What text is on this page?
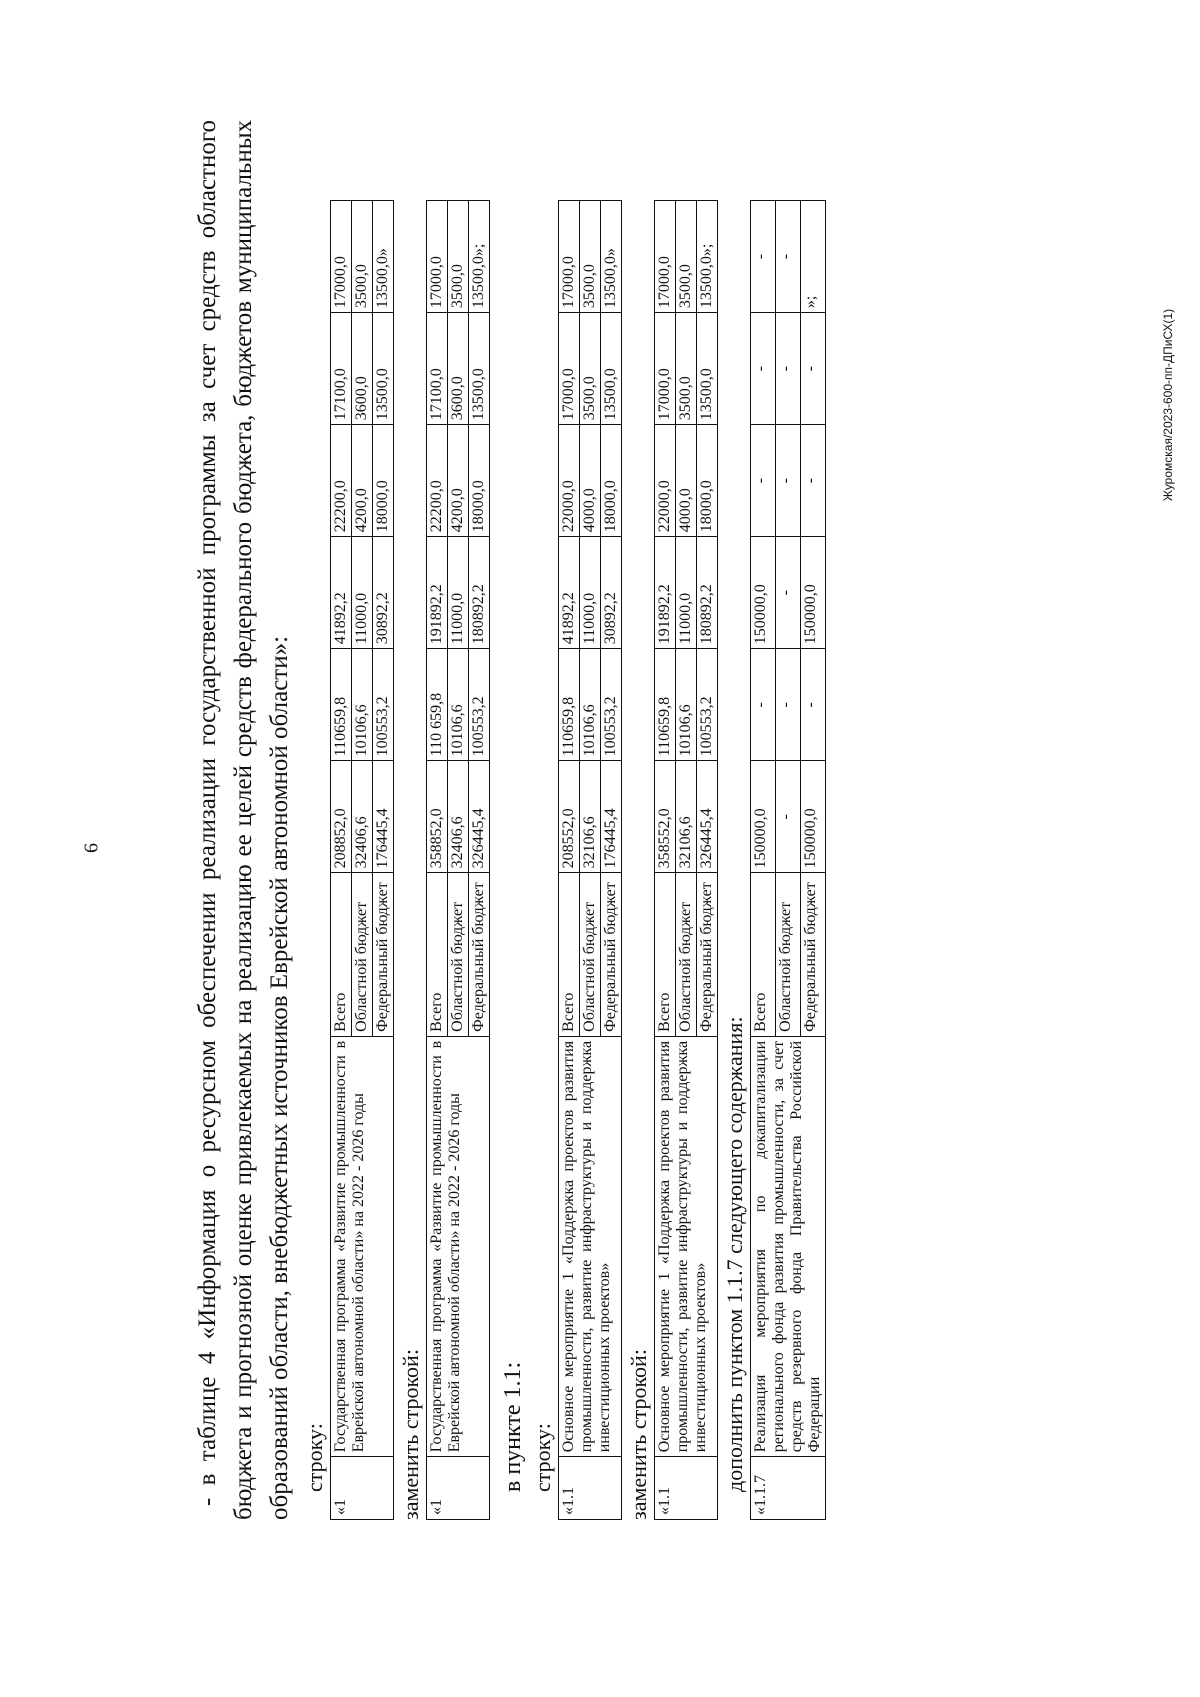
6
Журомская/2023-600-пп-ДПиСХ(1)

- в таблице 4 «Информация о ресурсном обеспечении реализации государственной программы за счет средств областного бюджета и прогнозной оценке привлекаемых на реализацию ее целей средств федерального бюджета, бюджетов муниципальных образований области, внебюджетных источников Еврейской автономной области»: строку:
«1	Государственная программа «Развитие промышленности в Еврейской автономной области» на 2022 - 2026 годы	Всего	208852,0	110659,8	41892,2	22200,0	17100,0	17000,0
		Областной бюджет	32406,6	10106,6	11000,0	4200,0	3600,0	3500,0
		Федеральный бюджет	176445,4	100553,2	30892,2	18000,0	13500,0	13500,0»
заменить строкой: «1	Государственная программа «Развитие промышленности в Еврейской автономной области» на 2022 - 2026 годы	Всего	358852,0	110 659,8	191892,2	22200,0	17100,0	17000,0
		Областной бюджет	32406,6	10106,6	11000,0	4200,0	3600,0	3500,0
		Федеральный бюджет	326445,4	100553,2	180892,2	18000,0	13500,0	13500,0»;
в пункте 1.1: строку:
«1.1	Основное мероприятие 1 «Поддержка проектов развития промышленности, развитие инфраструктуры и поддержка инвестиционных проектов»	Всего	208552,0	110659,8	41892,2	22000,0	17000,0	17000,0
		Областной бюджет	32106,6	10106,6	11000,0	4000,0	3500,0	3500,0
		Федеральный бюджет	176445,4	100553,2	30892,2	18000,0	13500,0	13500,0»
заменить строкой: «1.1	Основное мероприятие 1 «Поддержка проектов развития промышленности, развитие инфраструктуры и поддержка инвестиционных проектов»	Всего	358552,0	110659,8	191892,2	22000,0	17000,0	17000,0
		Областной бюджет	32106,6	10106,6	11000,0	4000,0	3500,0	3500,0
		Федеральный бюджет	326445,4	100553,2	180892,2	18000,0	13500,0	13500,0»;
дополнить пунктом 1.1.7 следующего содержания:
«1.1.7	Реализация мероприятия по докапитализации регионального фонда развития промышленности, за счет средств резервного фонда Правительства Российской Федерации	Всего	150000,0	-	150000,0	-	-	-
		Областной бюджет	-	-	-	-	-	-
		Федеральный бюджет	150000,0	-	150000,0	-	-	»;
